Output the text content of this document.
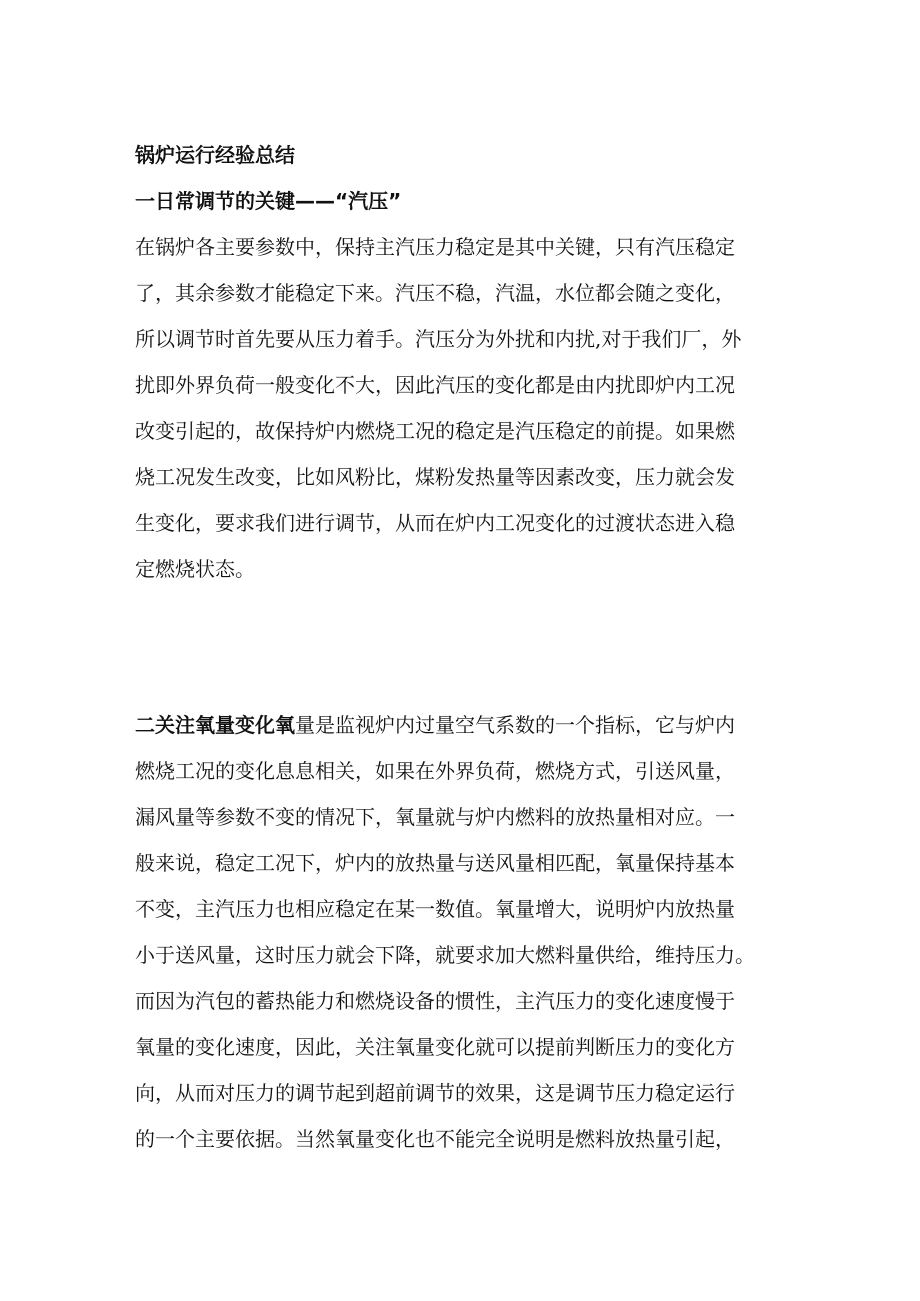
锅炉运行经验总结
一日常调节的关键——“汽压”
在锅炉各主要参数中，保持主汽压力稳定是其中关键，只有汽压稳定
了，其余参数才能稳定下来。汽压不稳，汽温，水位都会随之变化，
所以调节时首先要从压力着手。汽压分为外扰和内扰,对于我们厂，外
扰即外界负荷一般变化不大，因此汽压的变化都是由内扰即炉内工况
改变引起的，故保持炉内燃烧工况的稳定是汽压稳定的前提。如果燃
烧工况发生改变，比如风粉比，煤粉发热量等因素改变，压力就会发
生变化，要求我们进行调节，从而在炉内工况变化的过渡状态进入稳
定燃烧状态。
二关注氧量变化氧量是监视炉内过量空气系数的一个指标，它与炉内
燃烧工况的变化息息相关，如果在外界负荷，燃烧方式，引送风量，
漏风量等参数不变的情况下，氧量就与炉内燃料的放热量相对应。一
般来说，稳定工况下，炉内的放热量与送风量相匹配，氧量保持基本
不变，主汽压力也相应稳定在某一数值。氧量增大，说明炉内放热量
小于送风量，这时压力就会下降，就要求加大燃料量供给，维持压力。
而因为汽包的蓄热能力和燃烧设备的惯性，主汽压力的变化速度慢于
氧量的变化速度，因此，关注氧量变化就可以提前判断压力的变化方
向，从而对压力的调节起到超前调节的效果，这是调节压力稳定运行
的一个主要依据。当然氧量变化也不能完全说明是燃料放热量引起，
